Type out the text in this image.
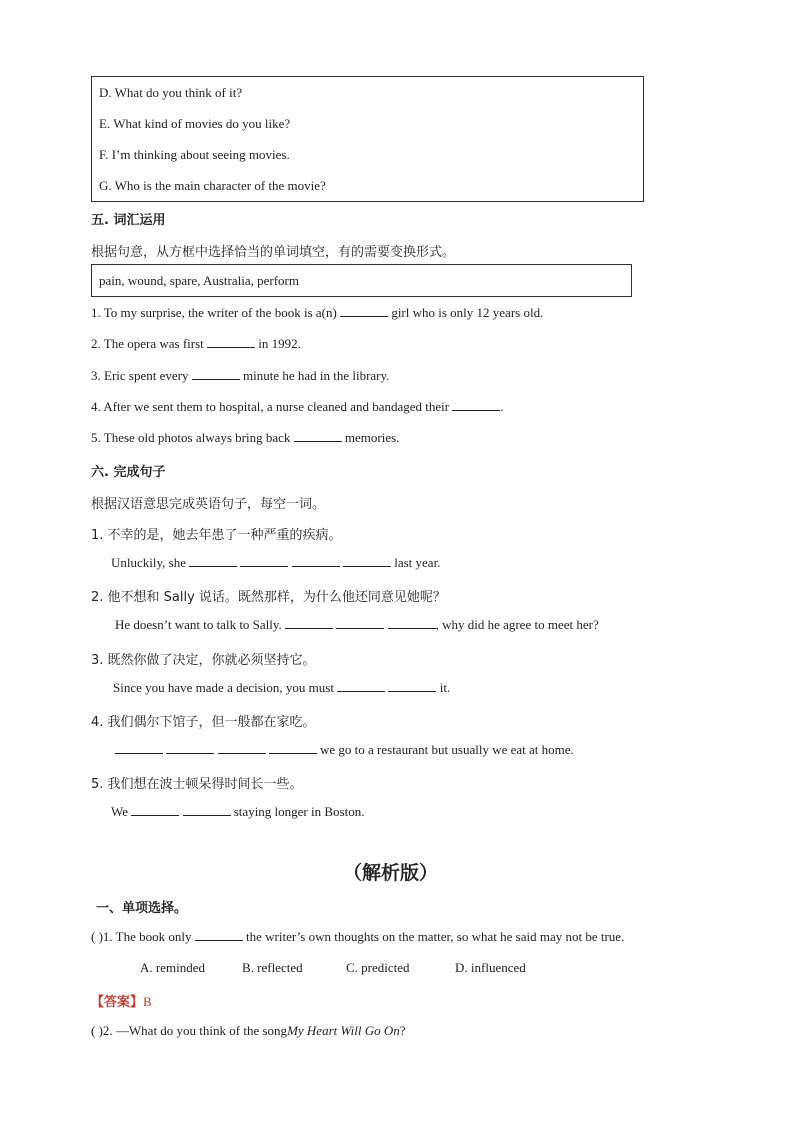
D. What do you think of it?
E. What kind of movies do you like?
F. I’m thinking about seeing movies.
G. Who is the main character of the movie?
五. 词汇运用
根据句意，从方框中选择恰当的单词填空，有的需要变换形式。
pain, wound, spare, Australia, perform
1. To my surprise, the writer of the book is a(n)	girl who is only 12 years old.
2. The opera was first	in 1992.
3. Eric spent every	minute he had in the library.
4. After we sent them to hospital, a nurse cleaned and bandaged their	.
5. These old photos always bring back	memories.
六. 完成句子
根据汉语意思完成英语句子，每空一词。
1. 不幸的是，她去年患了一种严重的疾病。
Unluckily, she	last year.
2. 他不想和 Sally 说话。既然那样，为什么他还同意见她呢？
He doesn’t want to talk to Sally.	, why did he agree to meet her?
3. 既然你做了决定，你就必须坚持它。
Since you have made a decision, you must	it.
4. 我们偶尔下馆子，但一般都在家吃。
we go to a restaurant but usually we eat at home.
5. 我们想在波士顿呆得时间长一些。
We	staying longer in Boston.
（解析版）
一、单项选择。
( )1. The book only	the writer’s own thoughts on the matter, so what he said may not be true.
A. reminded	B. reflected	C. predicted	D. influenced
【答案】B
( )2. —What do you think of the songMy Heart Will Go On?
